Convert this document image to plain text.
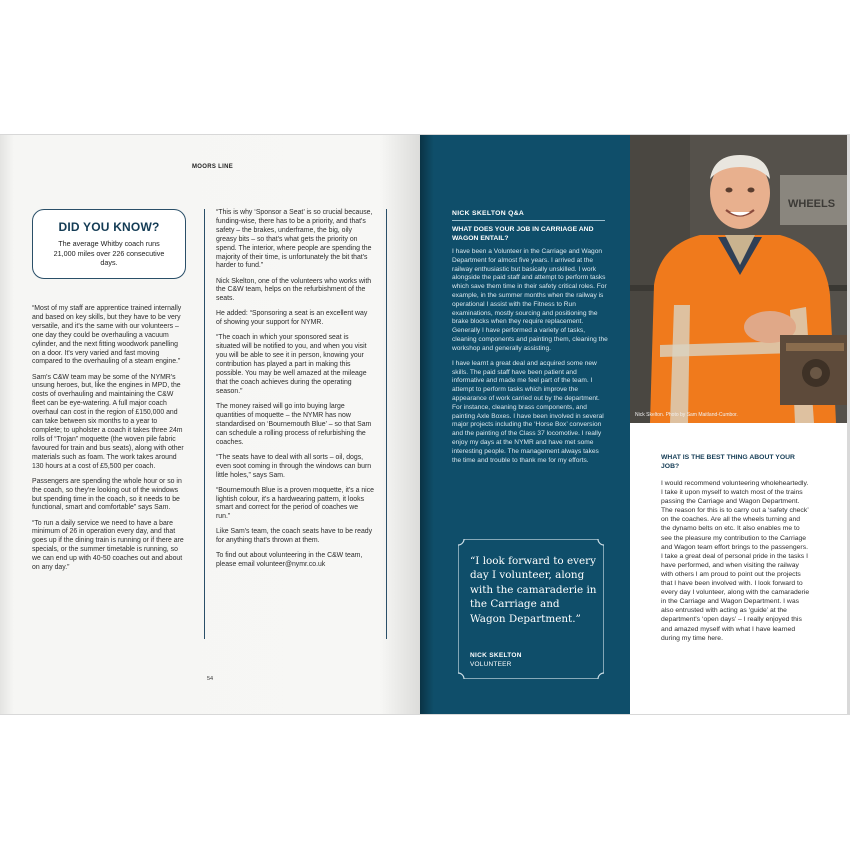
MOORS LINE
DID YOU KNOW?
The average Whitby coach runs 21,000 miles over 226 consecutive days.

“Most of my staff are apprentice trained internally and based on key skills, but they have to be very versatile, and it's the same with our volunteers – one day they could be overhauling a vacuum cylinder, and the next fitting woodwork panelling on a door. It's very varied and fast moving compared to the overhauling of a steam engine.”

Sam's C&W team may be some of the NYMR's unsung heroes, but, like the engines in MPD, the costs of overhauling and maintaining the C&W fleet can be eye-watering. A full major coach overhaul can cost in the region of £150,000 and can take between six months to a year to complete; to upholster a coach it takes three 24m rolls of “Trojan” moquette (the woven pile fabric favoured for train and bus seats), along with other materials such as foam. The work takes around 130 hours at a cost of £5,500 per coach.

Passengers are spending the whole hour or so in the coach, so they're looking out of the windows but spending time in the coach, so it needs to be functional, smart and comfortable” says Sam.

“To run a daily service we need to have a bare minimum of 26 in operation every day, and that goes up if the dining train is running or if there are specials, or the summer timetable is running, so we can end up with 40-50 coaches out and about on any day.”

“This is why ‘Sponsor a Seat’ is so crucial because, funding-wise, there has to be a priority, and that's safety – the brakes, underframe, the big, oily greasy bits – so that's what gets the priority on spend. The interior, where people are spending the majority of their time, is unfortunately the bit that's harder to fund.”

Nick Skelton, one of the volunteers who works with the C&W team, helps on the refurbishment of the seats.

He added: “Sponsoring a seat is an excellent way of showing your support for NYMR.

“The coach in which your sponsored seat is situated will be notified to you, and when you visit you will be able to see it in person, knowing your contribution has played a part in making this possible. You may be well amazed at the mileage that the coach achieves during the operating season.”

The money raised will go into buying large quantities of moquette – the NYMR has now standardised on ‘Bournemouth Blue’ – so that Sam can schedule a rolling process of refurbishing the coaches.

“The seats have to deal with all sorts – oil, dogs, even soot coming in through the windows can burn little holes,” says Sam.

“Bournemouth Blue is a proven moquette, it's a nice lightish colour, it's a hardwearing pattern, it looks smart and correct for the period of coaches we run.”

Like Sam's team, the coach seats have to be ready for anything that's thrown at them.

To find out about volunteering in the C&W team, please email volunteer@nymr.co.uk

54
NICK SKELTON Q&A
WHAT DOES YOUR JOB IN CARRIAGE AND WAGON ENTAIL?

I have been a Volunteer in the Carriage and Wagon Department for almost five years. I arrived at the railway enthusiastic but basically unskilled. I work alongside the paid staff and attempt to perform tasks which save them time in their safety critical roles. For example, in the summer months when the railway is operational I assist with the Fitness to Run examinations, mostly sourcing and positioning the brake blocks when they require replacement. Generally I have performed a variety of tasks, cleaning components and painting them, cleaning the workshop and generally assisting.

I have learnt a great deal and acquired some new skills. The paid staff have been patient and informative and made me feel part of the team. I attempt to perform tasks which improve the appearance of work carried out by the department. For instance, cleaning brass components, and painting Axle Boxes. I have been involved in several major projects including the ‘Horse Box’ conversion and the painting of the Class 37 locomotive. I really enjoy my days at the NYMR and have met some interesting people. The management always takes the time and trouble to thank me for my efforts.

“I look forward to every day I volunteer, along with the camaraderie in the Carriage and Wagon Department.”
NICK SKELTON
VOLUNTEER
WHEELS
Nick Skelton. Photo by Sam Maitland-Cumbor.
WHAT IS THE BEST THING ABOUT YOUR JOB?

I would recommend volunteering wholeheartedly. I take it upon myself to watch most of the trains passing the Carriage and Wagon Department. The reason for this is to carry out a ‘safety check’ on the coaches. Are all the wheels turning and the dynamo belts on etc. It also enables me to see the pleasure my contribution to the Carriage and Wagon team effort brings to the passengers. I take a great deal of personal pride in the tasks I have performed, and when visiting the railway with others I am proud to point out the projects that I have been involved with. I look forward to every day I volunteer, along with the camaraderie in the Carriage and Wagon Department. I was also entrusted with acting as ‘guide’ at the department's ‘open days’ – I really enjoyed this and amazed myself with what I have learned during my time here.
